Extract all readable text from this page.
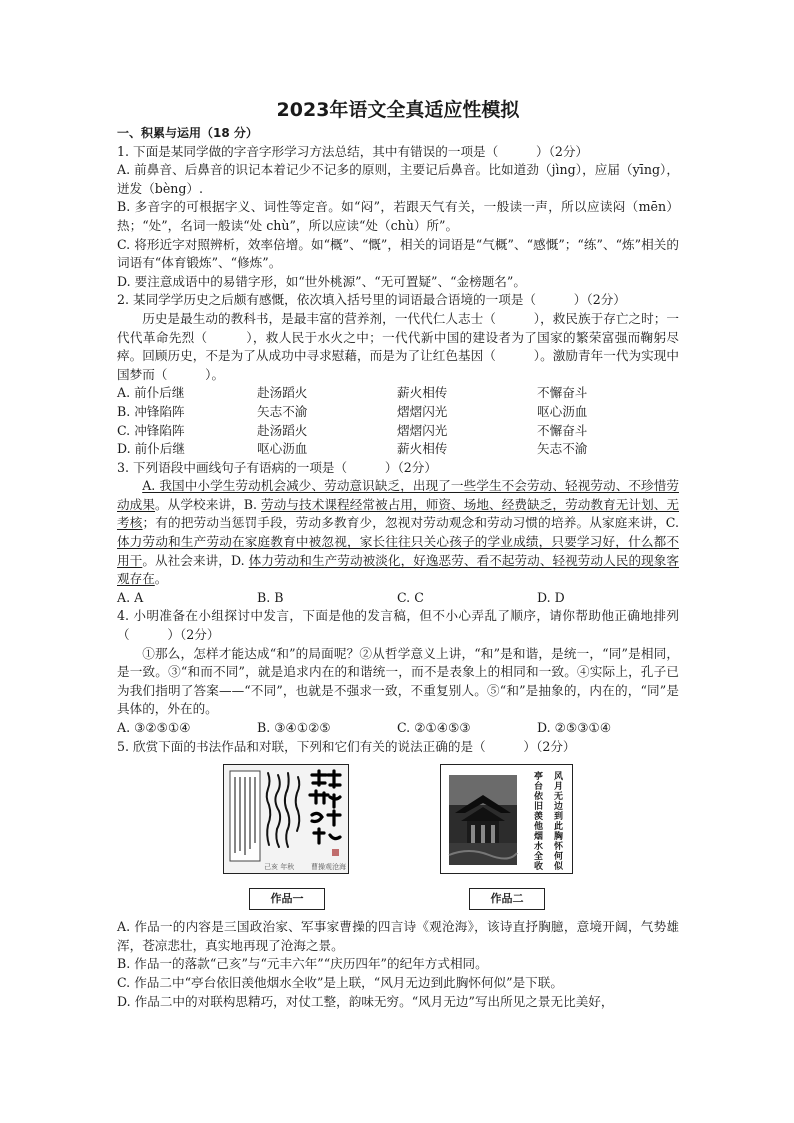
2023年语文全真适应性模拟
一、积累与运用（18 分）

1. 下面是某同学做的字音字形学习方法总结，其中有错误的一项是（　　　）（2分）

A. 前鼻音、后鼻音的识记本着记少不记多的原则，主要记后鼻音。比如道劲（jìng），应届（yīng），迸发（bèng）.

B. 多音字的可根据字义、词性等定音。如“闷”，若跟天气有关，一般读一声，所以应读闷（mēn）热；“处”，名词一般读“处 chù”，所以应读“处（chù）所”。

C. 将形近字对照辨析，效率倍增。如“概”、“慨”，相关的词语是“气概”、“感慨”；“练”、“炼”相关的词语有“体育锻炼”、“修炼”。

D. 要注意成语中的易错字形，如“世外桃源”、“无可置疑”、“金榜题名”。

2. 某同学学历史之后颇有感慨，依次填入括号里的词语最合语境的一项是（　　　）（2分）

历史是最生动的教科书，是最丰富的营养剂，一代代仁人志士（　　　），救民族于存亡之时；一代代革命先烈（　　　），救人民于水火之中；一代代新中国的建设者为了国家的繁荣富强而鞠躬尽瘁。回顾历史，不是为了从成功中寻求慰藉，而是为了让红色基因（　　　）。激励青年一代为实现中国梦而（　　　）。

A. 前仆后继	赴汤蹈火	薪火相传	不懈奋斗
B. 冲锋陷阵	矢志不渝	熠熠闪光	呕心沥血
C. 冲锋陷阵	赴汤蹈火	熠熠闪光	不懈奋斗
D. 前仆后继	呕心沥血	薪火相传	矢志不渝

3. 下列语段中画线句子有语病的一项是（　　　）（2分）

A. 我国中小学生劳动机会减少、劳动意识缺乏，出现了一些学生不会劳动、轻视劳动、不珍惜劳动成果。从学校来讲，B. 劳动与技术课程经常被占用，师资、场地、经费缺乏，劳动教育无计划、无考核；有的把劳动当惩罚手段，劳动多教育少，忽视对劳动观念和劳动习惯的培养。从家庭来讲，C. 体力劳动和生产劳动在家庭教育中被忽视，家长往往只关心孩子的学业成绩，只要学习好，什么都不用干。从社会来讲，D. 体力劳动和生产劳动被淡化，好逸恶劳、看不起劳动、轻视劳动人民的现象客观存在。

A. A	B. B	C. C	D. D

4. 小明准备在小组探讨中发言，下面是他的发言稿，但不小心弄乱了顺序，请你帮助他正确地排列（　　　）（2分）

①那么，怎样才能达成“和”的局面呢？②从哲学意义上讲，“和”是和谐，是统一，“同”是相同，是一致。③“和而不同”，就是追求内在的和谐统一，而不是表象上的相同和一致。④实际上，孔子已为我们指明了答案——“不同”，也就是不强求一致，不重复别人。⑤“和”是抽象的，内在的，“同”是具体的，外在的。

A. ③②⑤①④	B. ③④①②⑤	C. ②①④⑤③	D. ②⑤③①④

5. 欣赏下面的书法作品和对联，下列和它们有关的说法正确的是（　　　）（2分）

曹操观沧海
己亥 年秋
作品一
亭台依旧羡他烟水全收 风月无边到此胸怀何似
作品二

A. 作品一的内容是三国政治家、军事家曹操的四言诗《观沧海》，该诗直抒胸臆，意境开阔，气势雄浑，苍凉悲壮，真实地再现了沧海之景。

B. 作品一的落款“己亥”与“元丰六年”“庆历四年”的纪年方式相同。

C. 作品二中“亭台依旧羡他烟水全收”是上联，“风月无边到此胸怀何似”是下联。

D. 作品二中的对联构思精巧，对仗工整，韵味无穷。“风月无边”写出所见之景无比美好，
